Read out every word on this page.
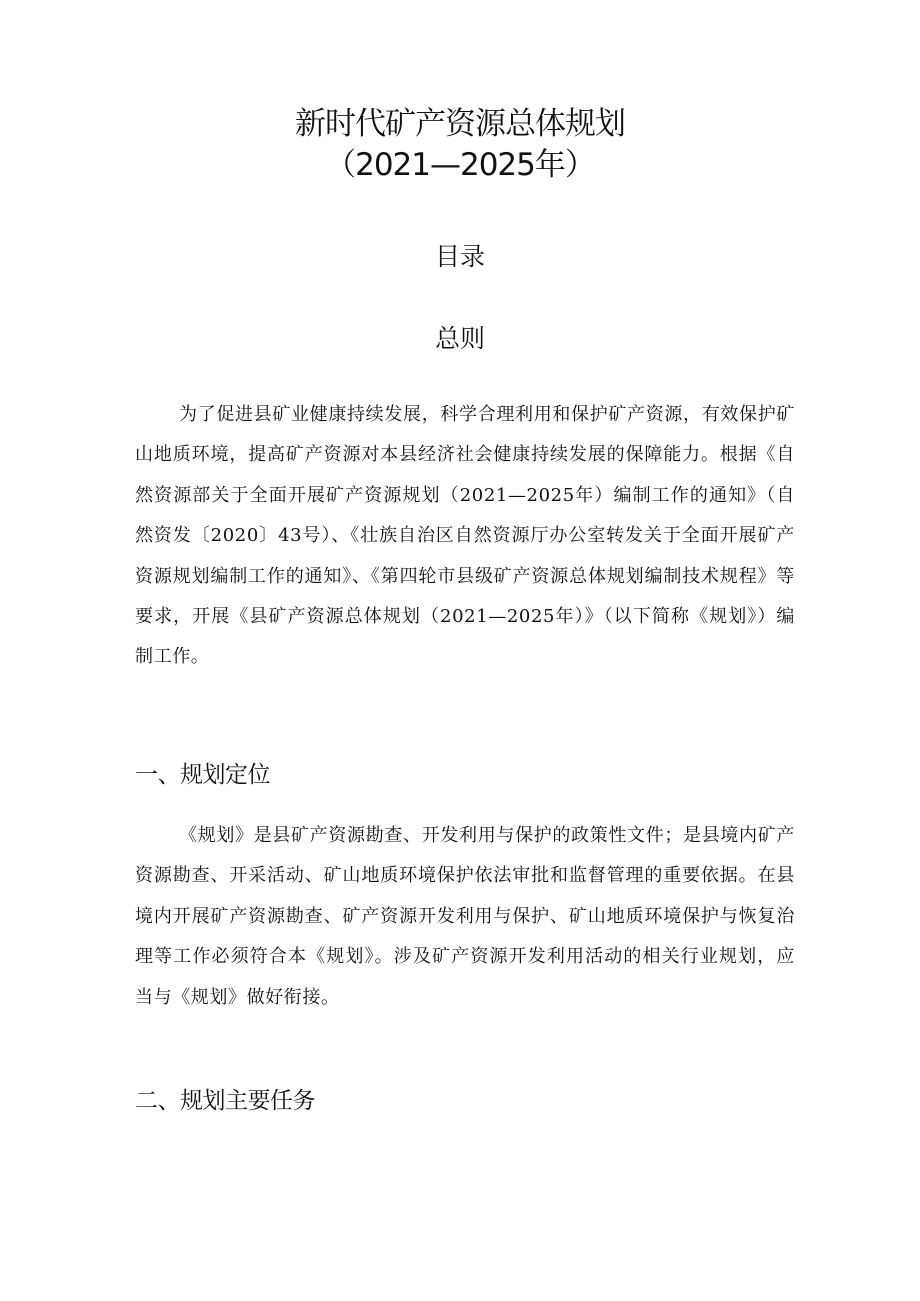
新时代矿产资源总体规划
（2021—2025年）
目录
总则

为了促进县矿业健康持续发展，科学合理利用和保护矿产资源，有效保护矿山地质环境，提高矿产资源对本县经济社会健康持续发展的保障能力。根据《自然资源部关于全面开展矿产资源规划（2021—2025年）编制工作的通知》（自然资发〔2020〕43号）、《壮族自治区自然资源厅办公室转发关于全面开展矿产资源规划编制工作的通知》、《第四轮市县级矿产资源总体规划编制技术规程》等要求，开展《县矿产资源总体规划（2021—2025年）》（以下简称《规划》）编制工作。

一、规划定位

《规划》是县矿产资源勘查、开发利用与保护的政策性文件；是县境内矿产资源勘查、开采活动、矿山地质环境保护依法审批和监督管理的重要依据。在县境内开展矿产资源勘查、矿产资源开发利用与保护、矿山地质环境保护与恢复治理等工作必须符合本《规划》。涉及矿产资源开发利用活动的相关行业规划，应当与《规划》做好衔接。

二、规划主要任务
